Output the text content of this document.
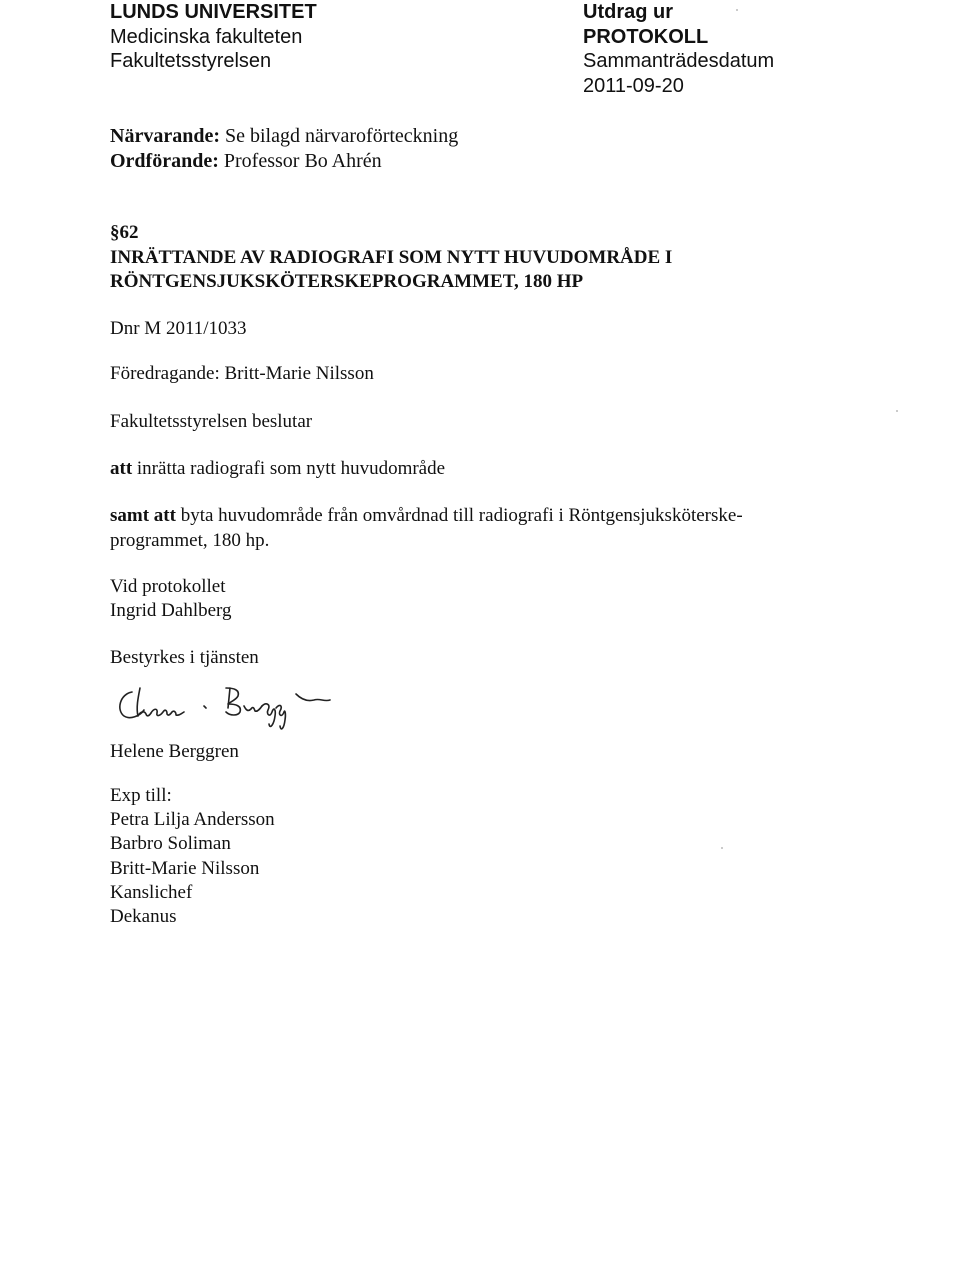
LUNDS UNIVERSITET
Medicinska fakulteten
Fakultetsstyrelsen
Utdrag ur
PROTOKOLL
Sammanträdesdatum
2011-09-20
Närvarande: Se bilagd närvaroförteckning
Ordförande: Professor Bo Ahrén
§62
INRÄTTANDE AV RADIOGRAFI SOM NYTT HUVUDOMRÅDE I
RÖNTGENSJUKSKÖTERSKEPROGRAMMET, 180 HP
Dnr M 2011/1033
Föredragande: Britt-Marie Nilsson
Fakultetsstyrelsen beslutar
att inrätta radiografi som nytt huvudområde
samt att byta huvudområde från omvårdnad till radiografi i Röntgensjuksköterske-programmet, 180 hp.
Vid protokollet
Ingrid Dahlberg
Bestyrkes i tjänsten
Helene Berggren
Exp till:
Petra Lilja Andersson
Barbro Soliman
Britt-Marie Nilsson
Kanslichef
Dekanus
